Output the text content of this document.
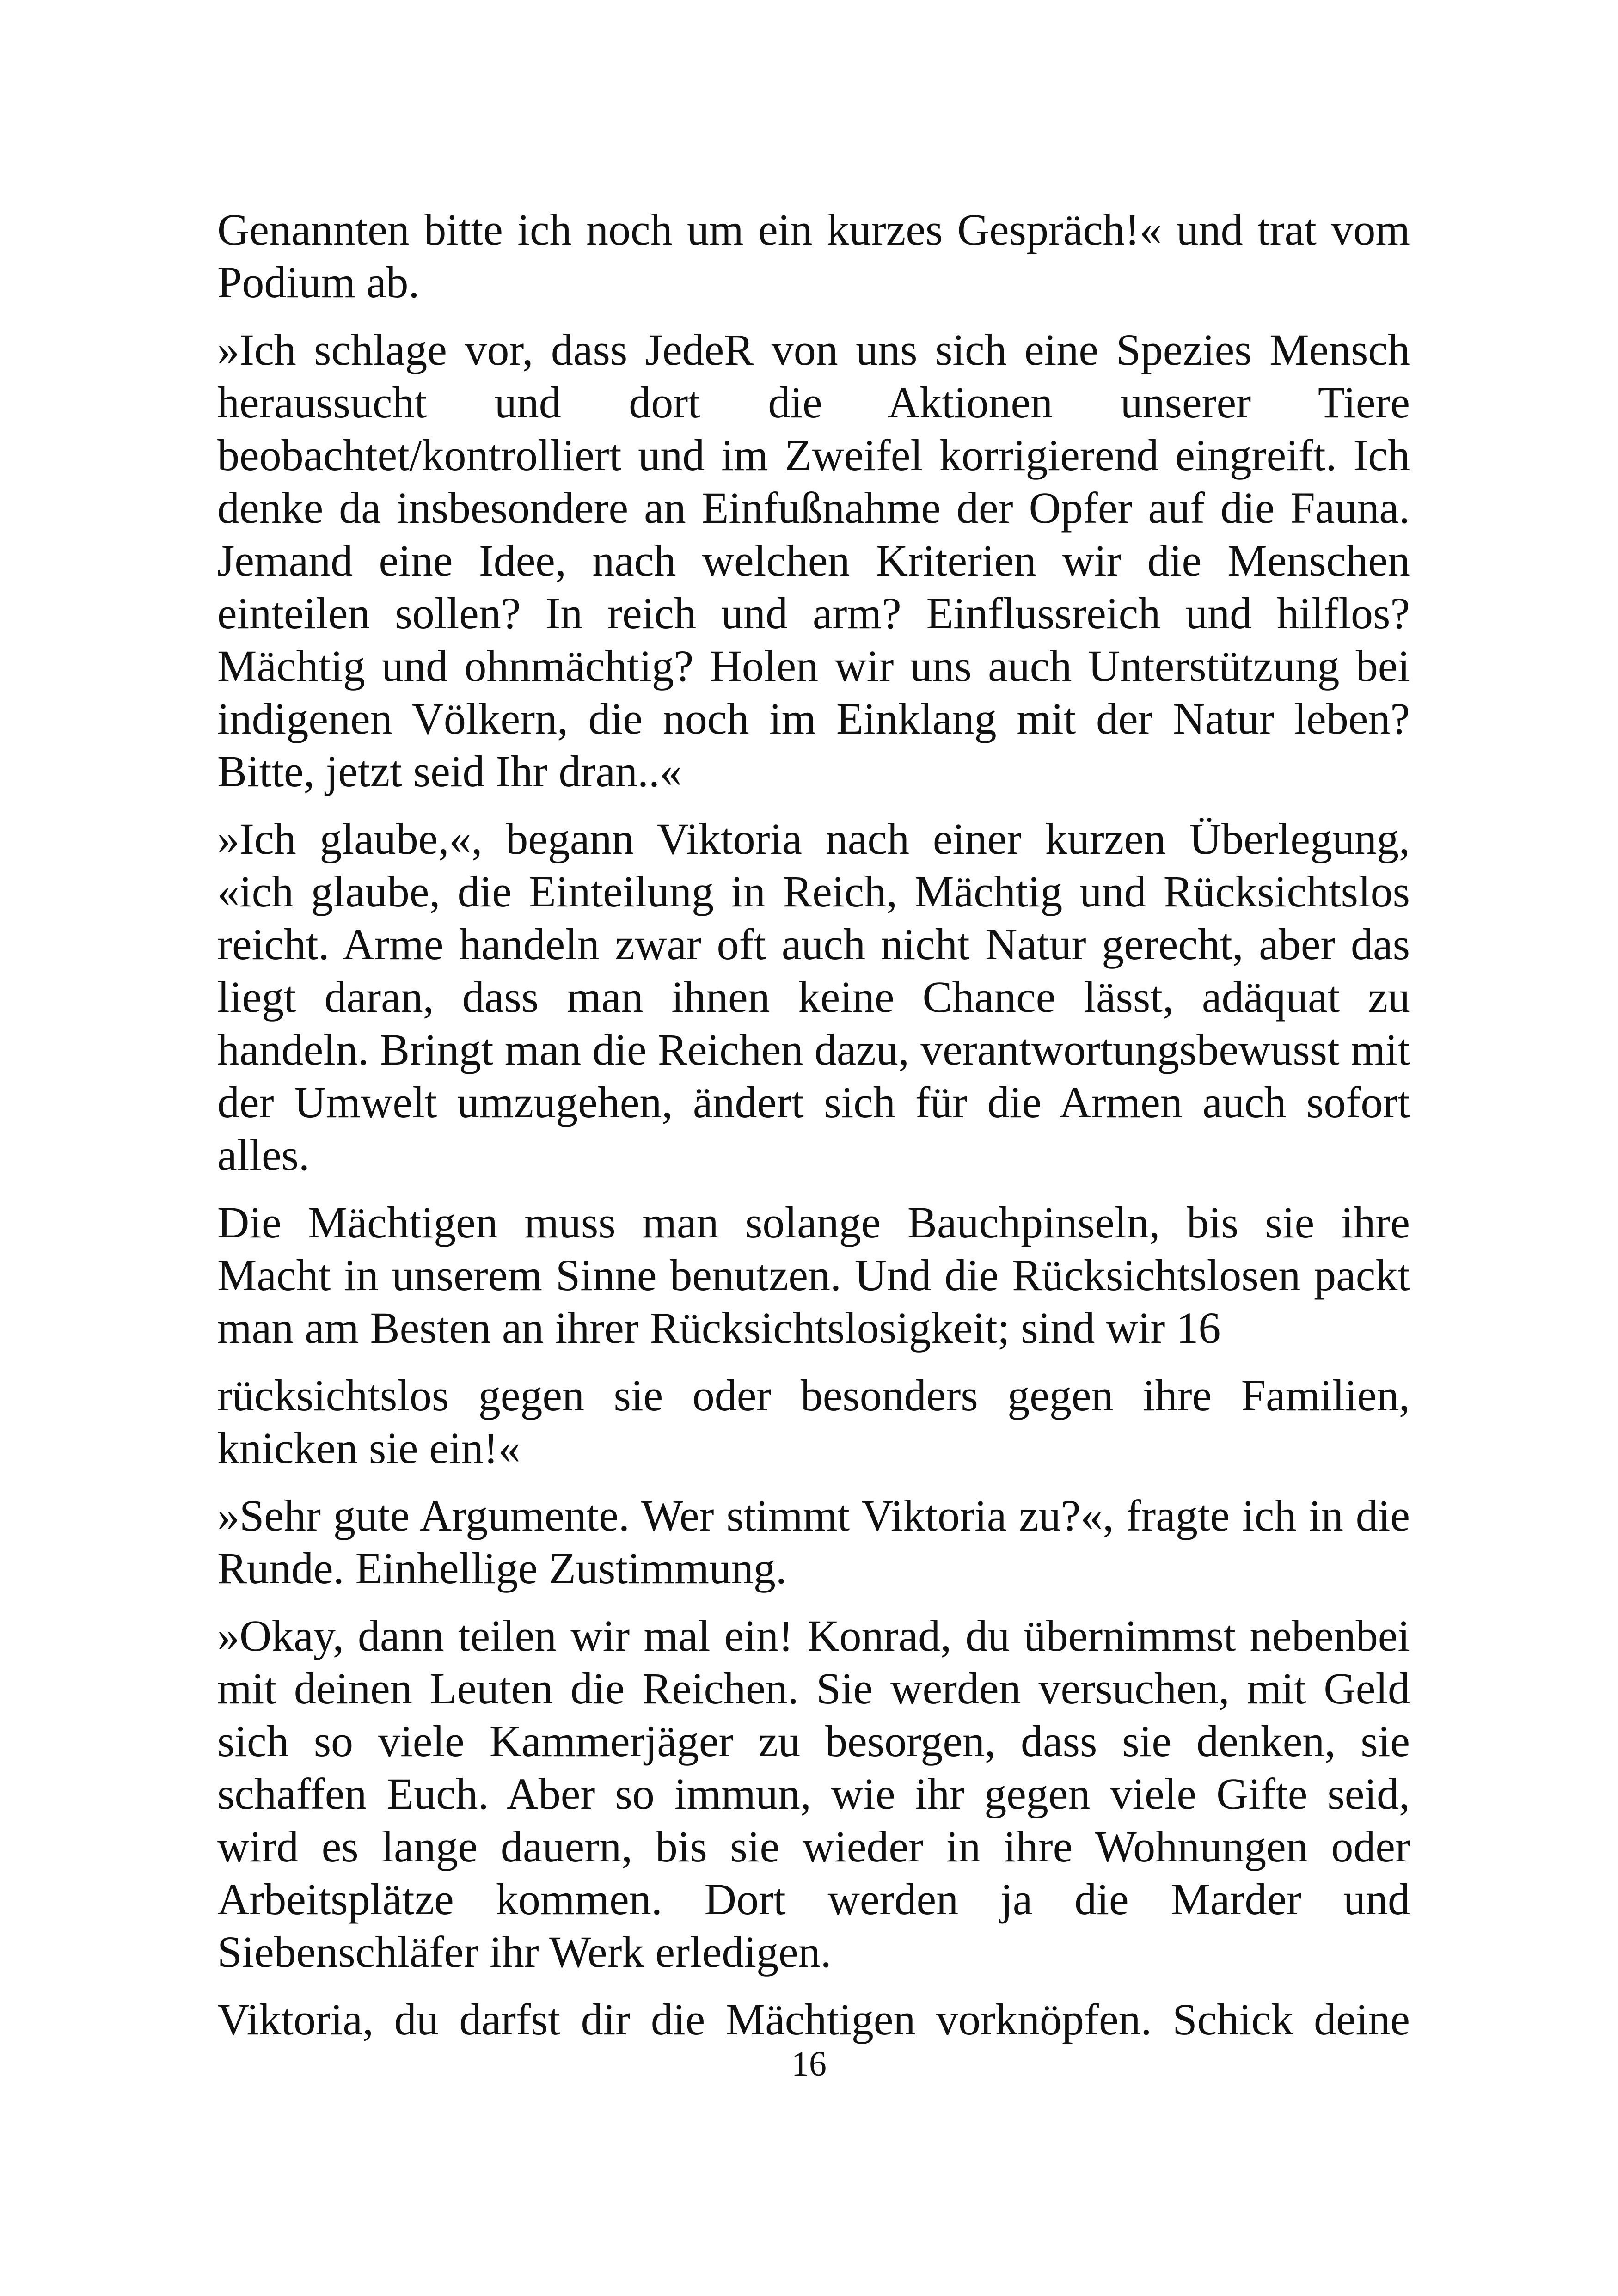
Genannten bitte ich noch um ein kurzes Gespräch!« und trat vom Podium ab.

»Ich schlage vor, dass JedeR von uns sich eine Spezies Mensch heraussucht und dort die Aktionen unserer Tiere beobachtet/kontrolliert und im Zweifel korrigierend eingreift. Ich denke da insbesondere an Einfußnahme der Opfer auf die Fauna. Jemand eine Idee, nach welchen Kriterien wir die Menschen einteilen sollen? In reich und arm? Einflussreich und hilflos? Mächtig und ohnmächtig? Holen wir uns auch Unterstützung bei indigenen Völkern, die noch im Einklang mit der Natur leben? Bitte, jetzt seid Ihr dran..«

»Ich glaube,«, begann Viktoria nach einer kurzen Überlegung, «ich glaube, die Einteilung in Reich, Mächtig und Rücksichtslos reicht. Arme handeln zwar oft auch nicht Natur gerecht, aber das liegt daran, dass man ihnen keine Chance lässt, adäquat zu handeln. Bringt man die Reichen dazu, verantwortungsbewusst mit der Umwelt umzugehen, ändert sich für die Armen auch sofort alles.

Die Mächtigen muss man solange Bauchpinseln, bis sie ihre Macht in unserem Sinne benutzen. Und die Rücksichtslosen packt man am Besten an ihrer Rücksichtslosigkeit; sind wir 16

rücksichtslos gegen sie oder besonders gegen ihre Familien, knicken sie ein!«

»Sehr gute Argumente. Wer stimmt Viktoria zu?«, fragte ich in die Runde. Einhellige Zustimmung.

»Okay, dann teilen wir mal ein! Konrad, du übernimmst nebenbei mit deinen Leuten die Reichen. Sie werden versuchen, mit Geld sich so viele Kammerjäger zu besorgen, dass sie denken, sie schaffen Euch. Aber so immun, wie ihr gegen viele Gifte seid, wird es lange dauern, bis sie wieder in ihre Wohnungen oder Arbeitsplätze kommen. Dort werden ja die Marder und Siebenschläfer ihr Werk erledigen.

Viktoria, du darfst dir die Mächtigen vorknöpfen. Schick deine

16
